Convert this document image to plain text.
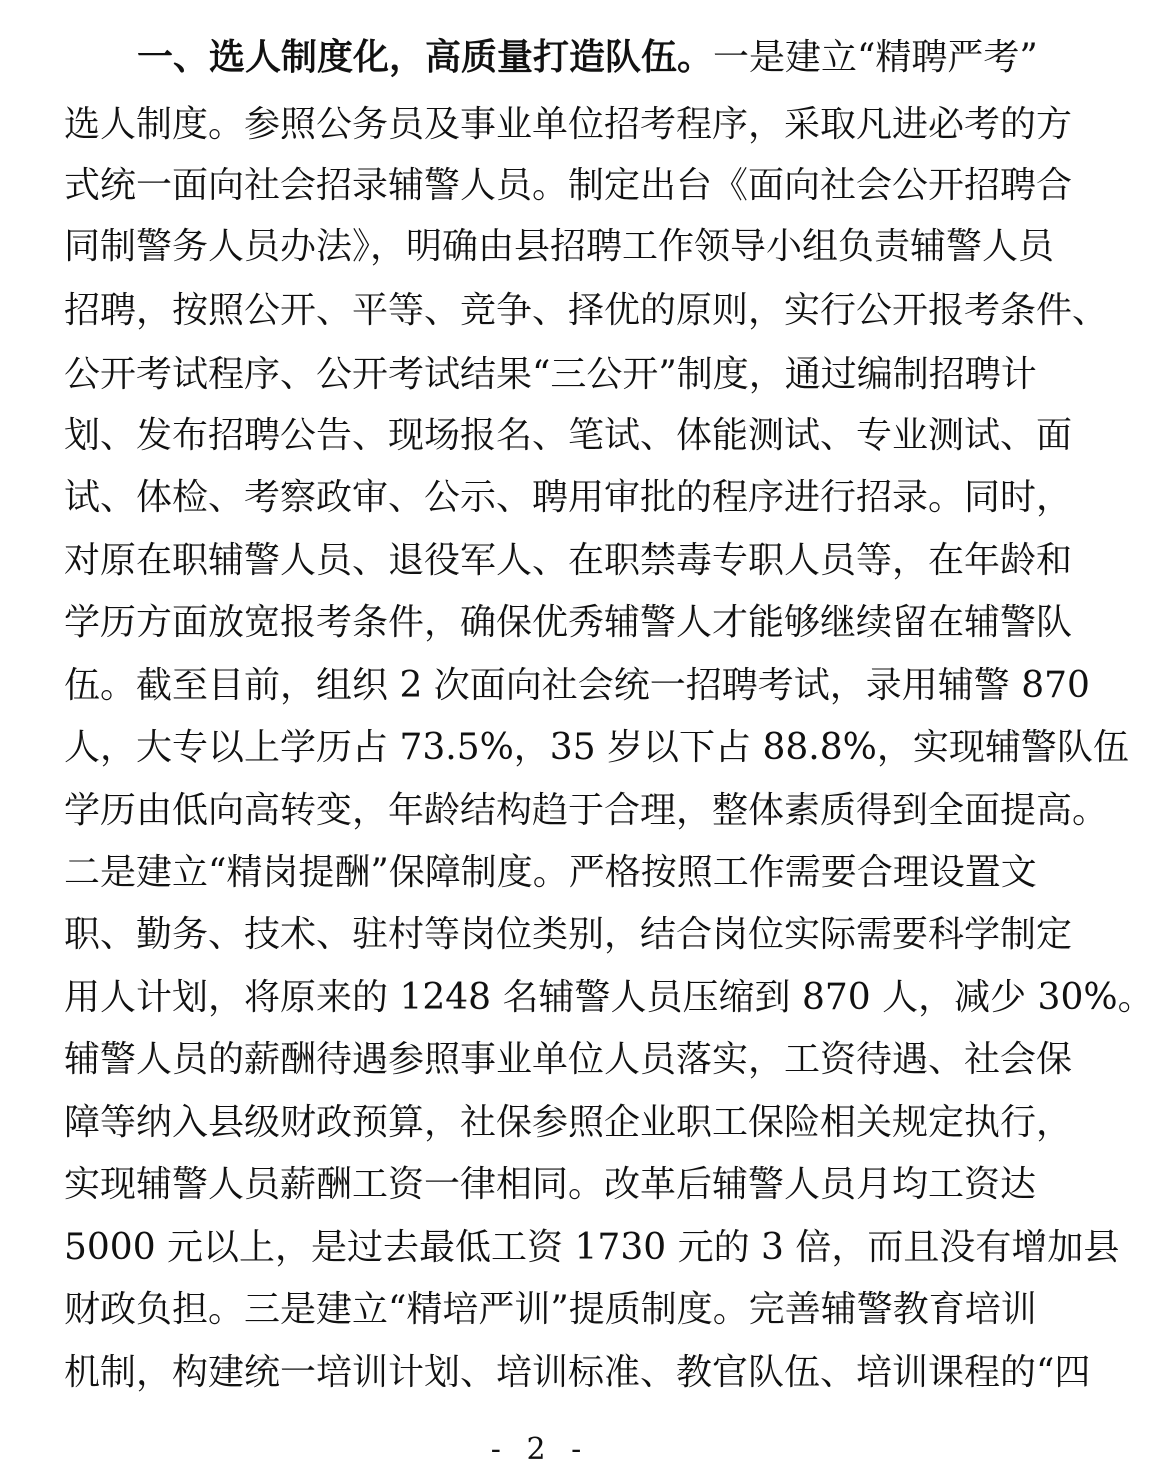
一、选人制度化，高质量打造队伍。一是建立“精聘严考”
选人制度。参照公务员及事业单位招考程序，采取凡进必考的方
式统一面向社会招录辅警人员。制定出台《面向社会公开招聘合
同制警务人员办法》，明确由县招聘工作领导小组负责辅警人员
招聘，按照公开、平等、竞争、择优的原则，实行公开报考条件、
公开考试程序、公开考试结果“三公开”制度，通过编制招聘计
划、发布招聘公告、现场报名、笔试、体能测试、专业测试、面
试、体检、考察政审、公示、聘用审批的程序进行招录。同时，
对原在职辅警人员、退役军人、在职禁毒专职人员等，在年龄和
学历方面放宽报考条件，确保优秀辅警人才能够继续留在辅警队
伍。截至目前，组织 2 次面向社会统一招聘考试，录用辅警 870
人，大专以上学历占 73.5%，35 岁以下占 88.8%，实现辅警队伍
学历由低向高转变，年龄结构趋于合理，整体素质得到全面提高。
二是建立“精岗提酬”保障制度。严格按照工作需要合理设置文
职、勤务、技术、驻村等岗位类别，结合岗位实际需要科学制定
用人计划，将原来的 1248 名辅警人员压缩到 870 人，减少 30%。
辅警人员的薪酬待遇参照事业单位人员落实，工资待遇、社会保
障等纳入县级财政预算，社保参照企业职工保险相关规定执行，
实现辅警人员薪酬工资一律相同。改革后辅警人员月均工资达
5000 元以上，是过去最低工资 1730 元的 3 倍，而且没有增加县
财政负担。三是建立“精培严训”提质制度。完善辅警教育培训
机制，构建统一培训计划、培训标准、教官队伍、培训课程的“四
- 2 -
